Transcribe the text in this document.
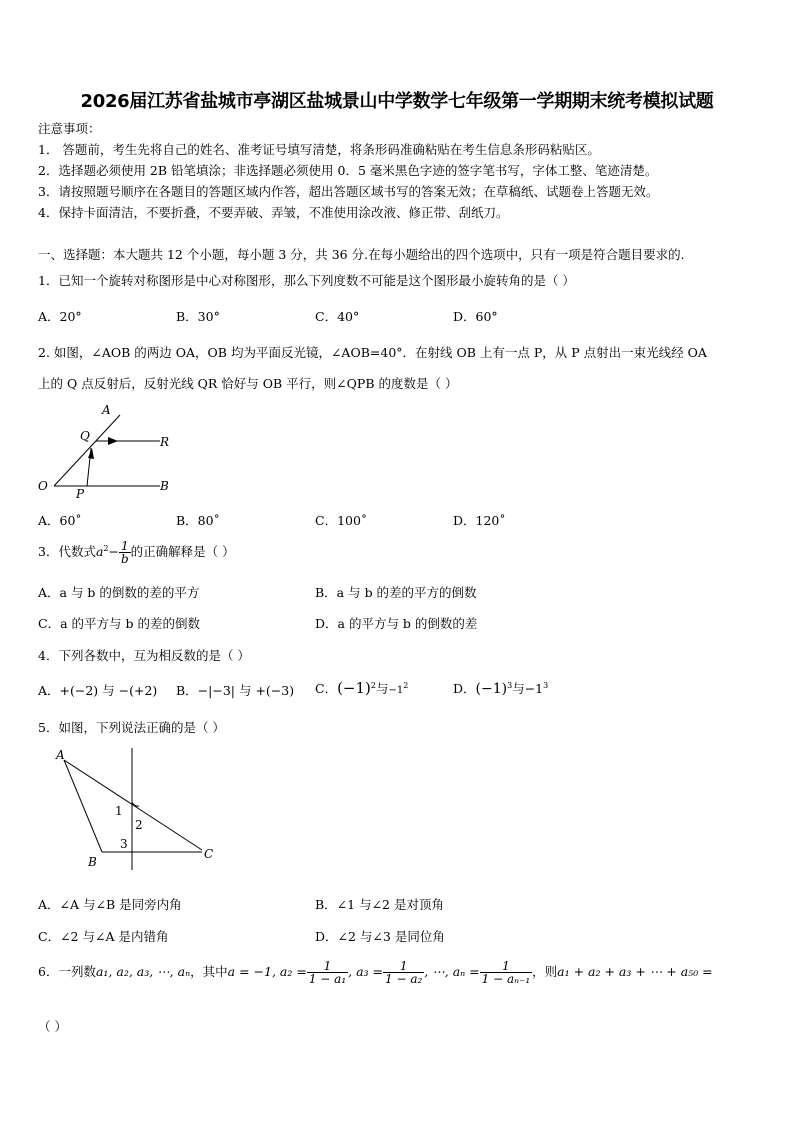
2026届江苏省盐城市亭湖区盐城景山中学数学七年级第一学期期末统考模拟试题
注意事项：
1． 答题前，考生先将自己的姓名、准考证号填写清楚，将条形码准确粘贴在考生信息条形码粘贴区。
2．选择题必须使用 2B 铅笔填涂；非选择题必须使用 0．5 毫米黑色字迹的签字笔书写，字体工整、笔迹清楚。
3．请按照题号顺序在各题目的答题区域内作答，超出答题区域书写的答案无效；在草稿纸、试题卷上答题无效。
4．保持卡面清洁，不要折叠，不要弄破、弄皱，不准使用涂改液、修正带、刮纸刀。
一、选择题：本大题共 12 个小题，每小题 3 分，共 36 分.在每小题给出的四个选项中，只有一项是符合题目要求的.
1．已知一个旋转对称图形是中心对称图形，那么下列度数不可能是这个图形最小旋转角的是（ ）
A．20°	B．30°	C．40°	D．60°
2. 如图，∠AOB 的两边 OA，OB 均为平面反光镜，∠AOB=40°．在射线 OB 上有一点 P，从 P 点射出一束光线经 OA
上的 Q 点反射后，反射光线 QR 恰好与 OB 平行，则∠QPB 的度数是（ ）
A
Q	R
O
P
B
A．60˚	B．80˚	C．100˚	D．120˚
3．代数式$a^2- \frac{1}{b}$ 的正确解释是（ ）
A．a 与 b 的倒数的差的平方	B．a 与 b 的差的平方的倒数
C．a 的平方与 b 的差的倒数	D．a 的平方与 b 的倒数的差
4．下列各数中，互为相反数的是（ ）
A．+(−2) 与 −(+2) B．−|−3| 与 +(−3) C．$(-1)^2$与$-1^2$	D．$(-1)^3$与$-1^3$
5．如图，下列说法正确的是（ ）
A
B
C
1
2
3
A．∠A 与∠B 是同旁内角	B．∠1 与∠2 是对顶角
C．∠2 与∠A 是内错角	D．∠2 与∠3 是同位角
6．一列数a₁, a₂, a₃, ⋯, aₙ，其中a = −1, $a_2 = \frac{1}{\text{1 − a₁}}$ , $a_3 = \frac{1}{\text{1 − a₂}}$ , ⋯, $a_n = \frac{1}{\text{1 − aₙ₋₁}}$ ，则a₁ + a₂ + a₃ + ⋯ + a₅₀ =
（ ）
